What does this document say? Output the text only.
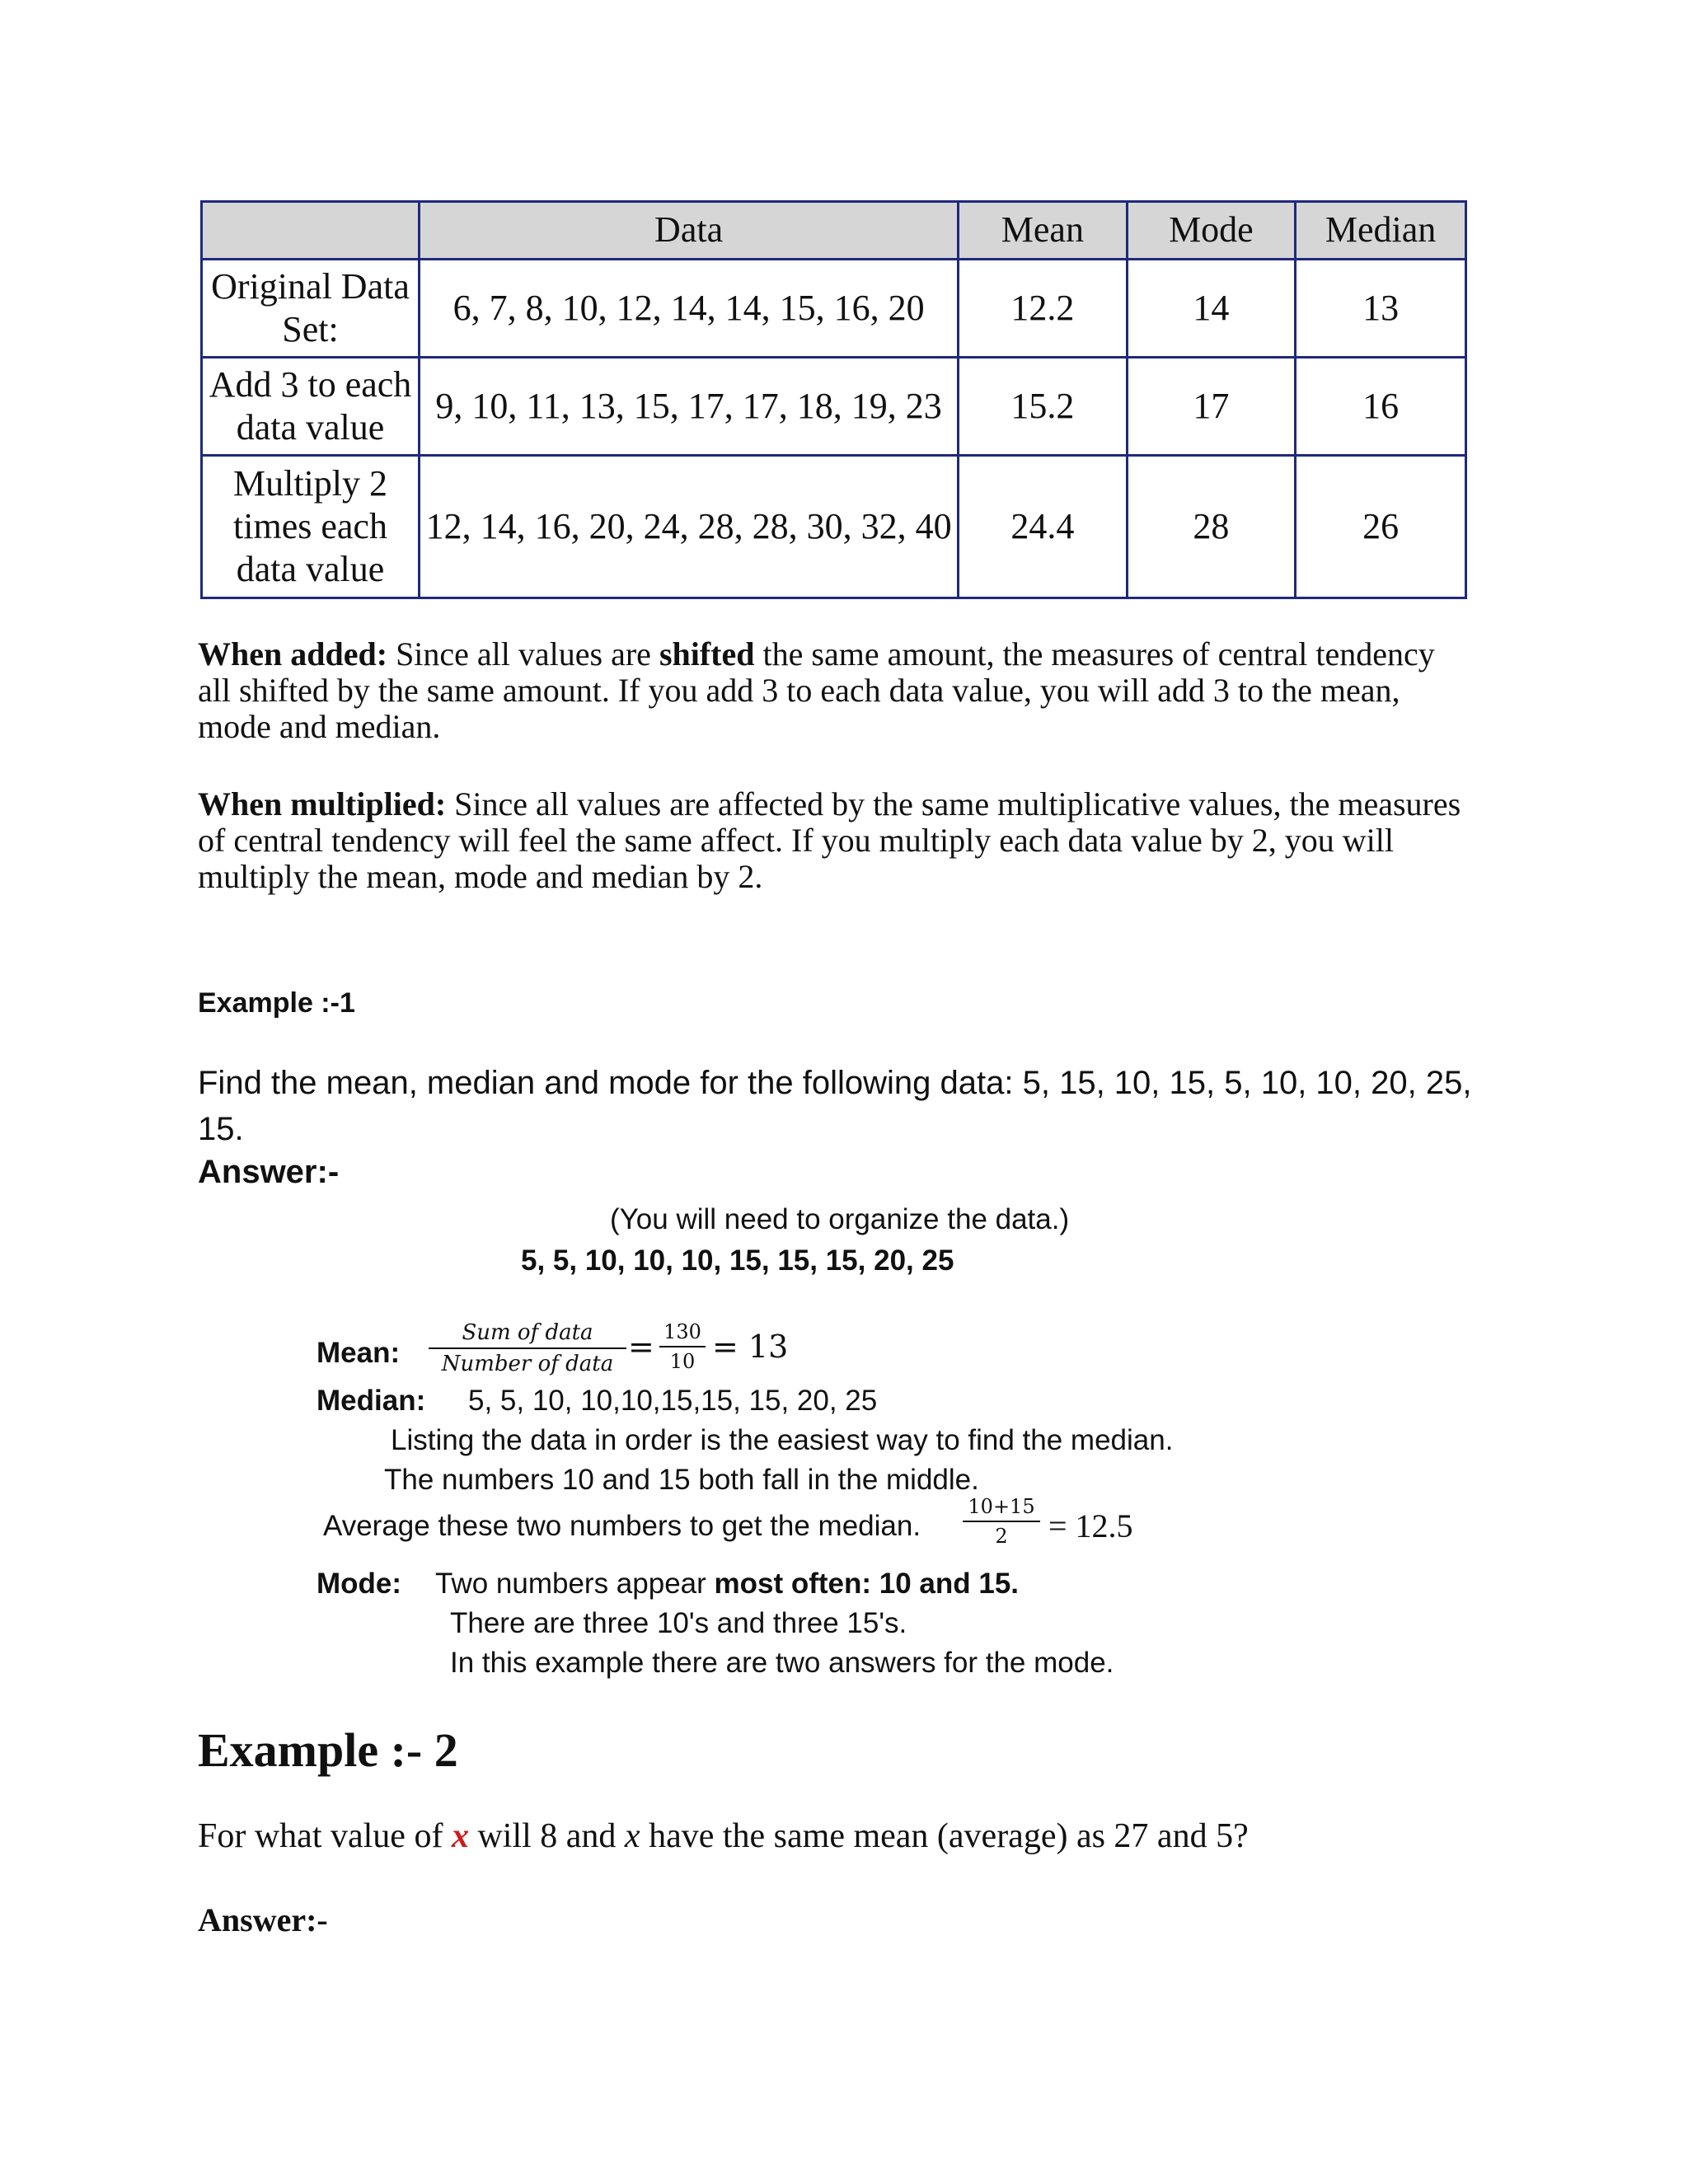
	Data	Mean	Mode	Median
Original Data Set:	6, 7, 8, 10, 12, 14, 14, 15, 16, 20	12.2	14	13
Add 3 to each data value	9, 10, 11, 13, 15, 17, 17, 18, 19, 23	15.2	17	16
Multiply 2 times each data value	12, 14, 16, 20, 24, 28, 28, 30, 32, 40	24.4	28	26
When added: Since all values are shifted the same amount, the measures of central tendency all shifted by the same amount. If you add 3 to each data value, you will add 3 to the mean, mode and median.
When multiplied: Since all values are affected by the same multiplicative values, the measures of central tendency will feel the same affect. If you multiply each data value by 2, you will multiply the mean, mode and median by 2.
Example :-1
Find the mean, median and mode for the following data: 5, 15, 10, 15, 5, 10, 10, 20, 25, 15.
Answer:-
(You will need to organize the data.)
5, 5, 10, 10, 10, 15, 15, 15, 20, 25
Mean:
Sum of data
Number of data = 130
10 = 13
Median: 5, 5, 10, 10,10,15,15, 15, 20, 25
Listing the data in order is the easiest way to find the median.
The numbers 10 and 15 both fall in the middle.
Average these two numbers to get the median.
10+15
2	= 12.5
Mode: Two numbers appear most often: 10 and 15.
There are three 10's and three 15's.
In this example there are two answers for the mode.
Example :- 2
For what value of x will 8 and x have the same mean (average) as 27 and 5?
Answer:-
